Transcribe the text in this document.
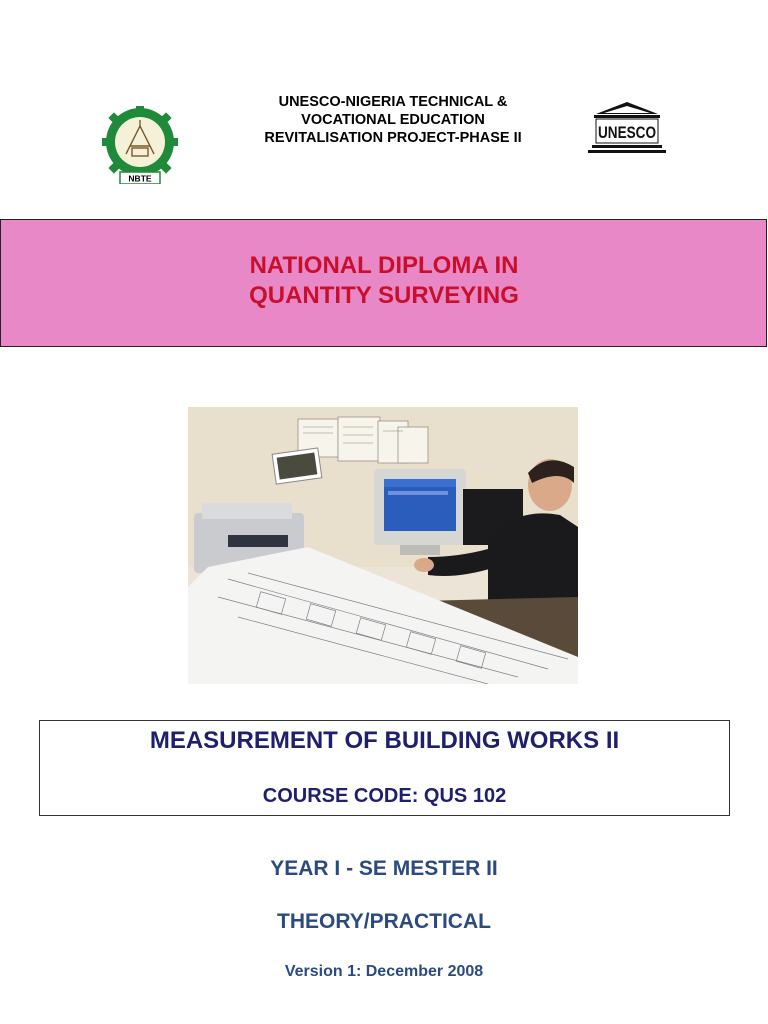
UNESCO-NIGERIA TECHNICAL &
VOCATIONAL EDUCATION
REVITALISATION PROJECT-PHASE II
NBTE
UNESCO
NATIONAL DIPLOMA IN
QUANTITY SURVEYING
MEASUREMENT OF BUILDING WORKS II
COURSE CODE: QUS 102
YEAR I - SE MESTER II
THEORY/PRACTICAL
Version 1: December 2008
